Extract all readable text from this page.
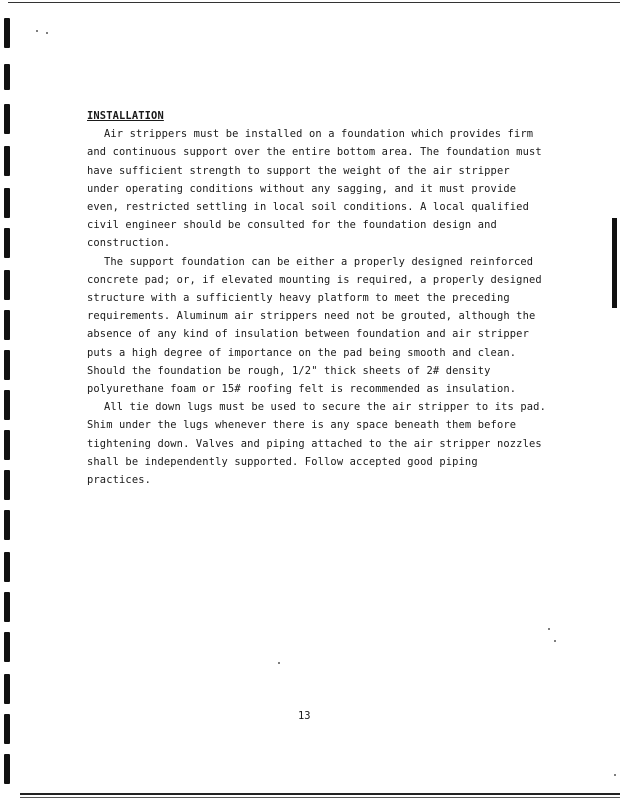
INSTALLATION

Air strippers must be installed on a foundation which provides firm and continuous support over the entire bottom area. The foundation must have sufficient strength to support the weight of the air stripper under operating conditions without any sagging, and it must provide even, restricted settling in local soil conditions. A local qualified civil engineer should be consulted for the foundation design and construction.

The support foundation can be either a properly designed reinforced concrete pad; or, if elevated mounting is required, a properly designed structure with a sufficiently heavy platform to meet the preceding requirements. Aluminum air strippers need not be grouted, although the absence of any kind of insulation between foundation and air stripper puts a high degree of importance on the pad being smooth and clean. Should the foundation be rough, 1/2" thick sheets of 2# density polyurethane foam or 15# roofing felt is recommended as insulation.

All tie down lugs must be used to secure the air stripper to its pad. Shim under the lugs whenever there is any space beneath them before tightening down. Valves and piping attached to the air stripper nozzles shall be independently supported. Follow accepted good piping practices.

13
